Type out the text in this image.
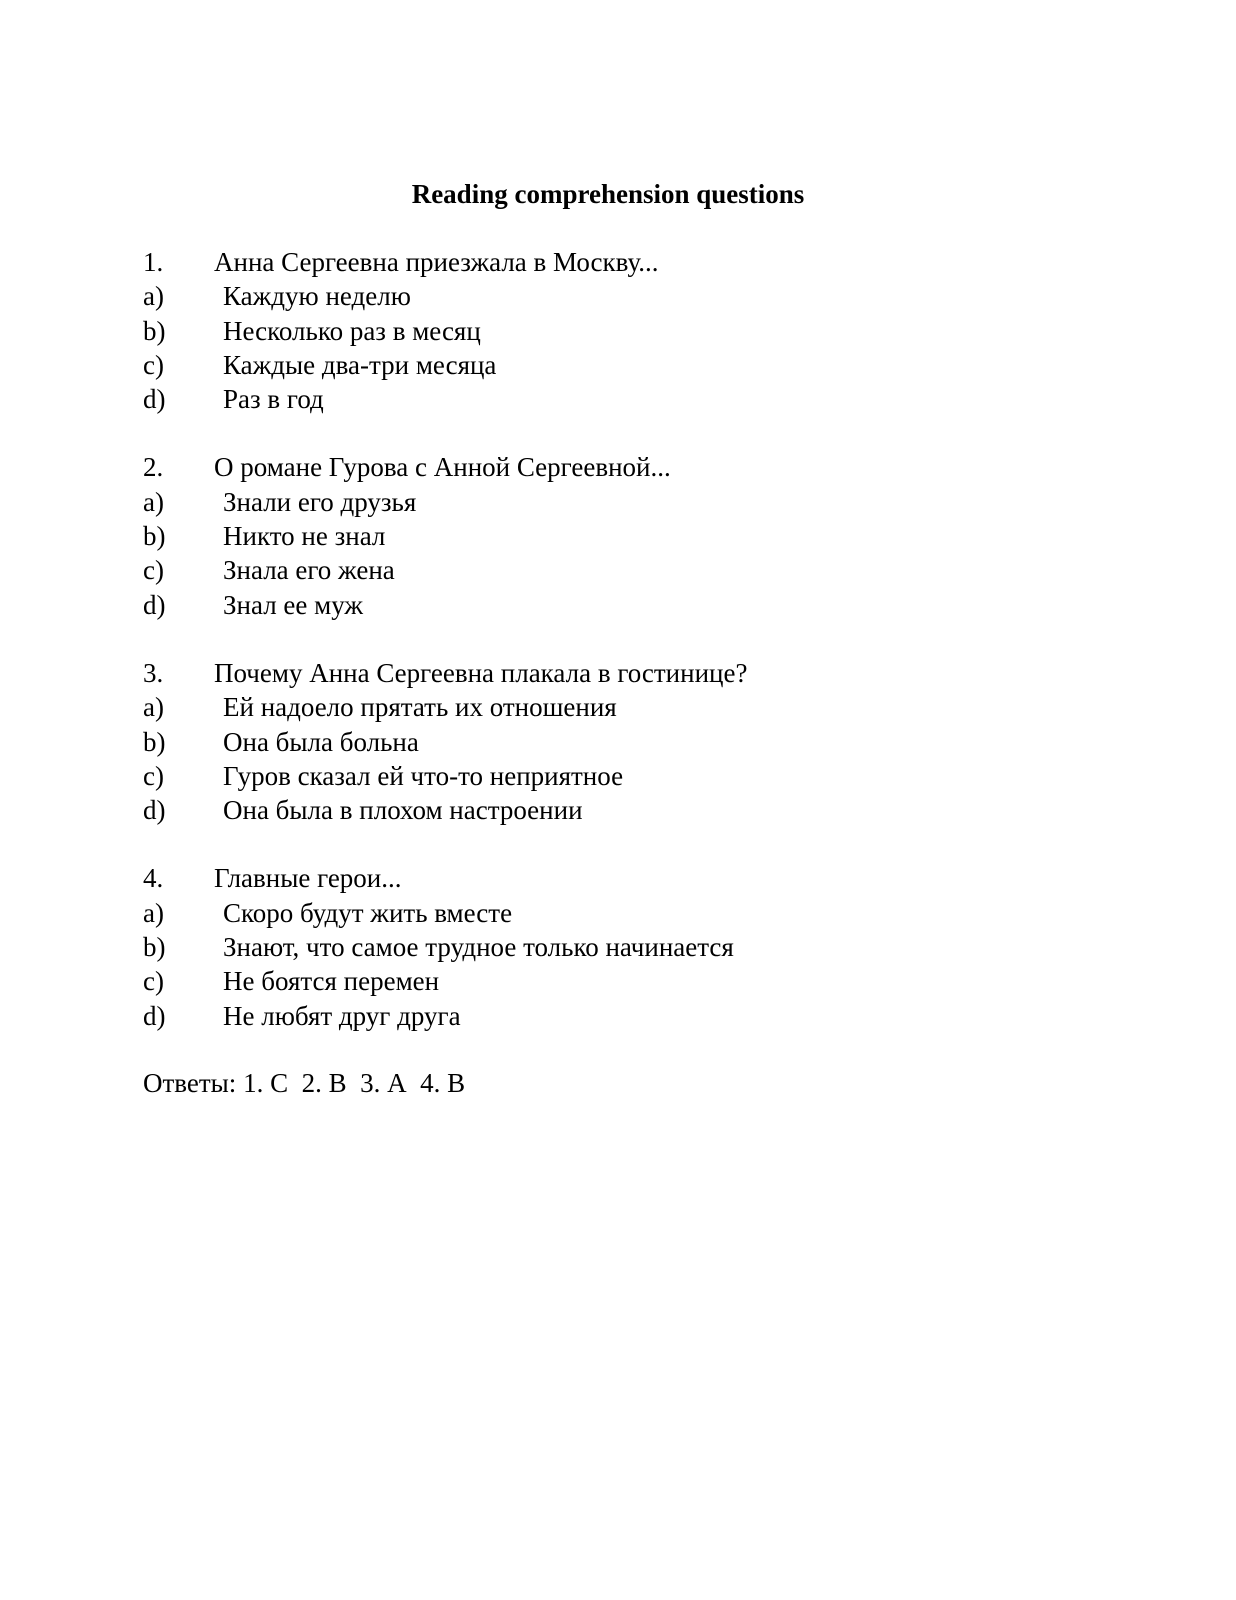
Reading comprehension questions
1. Анна Сергеевна приезжала в Москву...
a) Каждую неделю
b) Несколько раз в месяц
c) Каждые два-три месяца
d) Раз в год
2. О романе Гурова с Анной Сергеевной...
a) Знали его друзья
b) Никто не знал
c) Знала его жена
d) Знал ее муж
3. Почему Анна Сергеевна плакала в гостинице?
a) Ей надоело прятать их отношения
b) Она была больна
c) Гуров сказал ей что-то неприятное
d) Она была в плохом настроении
4. Главные герои...
a) Скоро будут жить вместе
b) Знают, что самое трудное только начинается
c) Не боятся перемен
d) Не любят друг друга
Ответы: 1. С  2. В  3. А  4. В
